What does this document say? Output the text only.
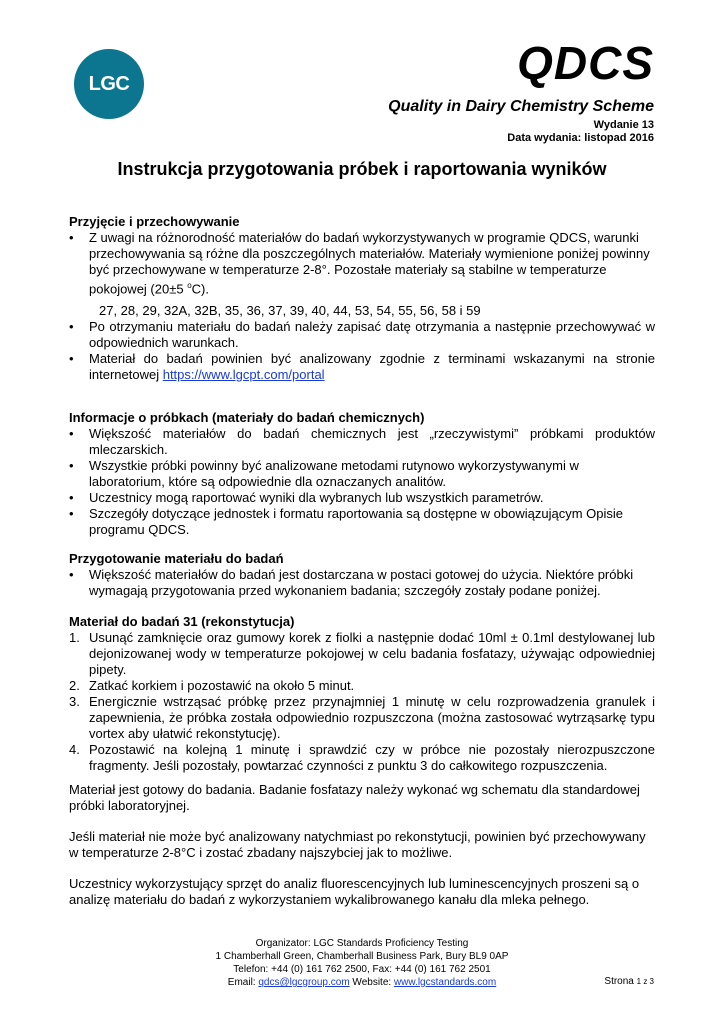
LGC	QDCS
Quality in Dairy Chemistry Scheme
Wydanie 13
Data wydania: listopad 2016
Instrukcja przygotowania próbek i raportowania wyników
Przyjęcie i przechowywanie
•	Z uwagi na różnorodność materiałów do badań wykorzystywanych w programie QDCS, warunki przechowywania są różne dla poszczególnych materiałów. Materiały wymienione poniżej powinny być przechowywane w temperaturze 2-8°. Pozostałe materiały są stabilne w temperaturze pokojowej (20±5 $^o$C).
27, 28, 29, 32A, 32B, 35, 36, 37, 39, 40, 44, 53, 54, 55, 56, 58 i 59
•	Po otrzymaniu materiału do badań należy zapisać datę otrzymania a następnie przechowywać w odpowiednich warunkach.
•	Materiał do badań powinien być analizowany zgodnie z terminami wskazanymi na stronie internetowej https://www.lgcpt.com/portal
Informacje o próbkach (materiały do badań chemicznych)
•	Większość materiałów do badań chemicznych jest „rzeczywistymi” próbkami produktów mleczarskich.
•	Wszystkie próbki powinny być analizowane metodami rutynowo wykorzystywanymi w laboratorium, które są odpowiednie dla oznaczanych analitów.
•	Uczestnicy mogą raportować wyniki dla wybranych lub wszystkich parametrów.
•	Szczegóły dotyczące jednostek i formatu raportowania są dostępne w obowiązującym Opisie programu QDCS.
Przygotowanie materiału do badań
•	Większość materiałów do badań jest dostarczana w postaci gotowej do użycia. Niektóre próbki wymagają przygotowania przed wykonaniem badania; szczegóły zostały podane poniżej.
Materiał do badań 31 (rekonstytucja)
1. Usunąć zamknięcie oraz gumowy korek z fiolki a następnie dodać 10ml ± 0.1ml destylowanej lub dejonizowanej wody w temperaturze pokojowej w celu badania fosfatazy, używając odpowiedniej pipety.
2. Zatkać korkiem i pozostawić na około 5 minut.
3. Energicznie wstrząsać próbkę przez przynajmniej 1 minutę w celu rozprowadzenia granulek i zapewnienia, że próbka została odpowiednio rozpuszczona (można zastosować wytrząsarkę typu vortex aby ułatwić rekonstytucję).
4. Pozostawić na kolejną 1 minutę i sprawdzić czy w próbce nie pozostały nierozpuszczone fragmenty. Jeśli pozostały, powtarzać czynności z punktu 3 do całkowitego rozpuszczenia.
Materiał jest gotowy do badania. Badanie fosfatazy należy wykonać wg schematu dla standardowej próbki laboratoryjnej.
Jeśli materiał nie może być analizowany natychmiast po rekonstytucji, powinien być przechowywany w temperaturze 2-8°C i zostać zbadany najszybciej jak to możliwe.
Uczestnicy wykorzystujący sprzęt do analiz fluorescencyjnych lub luminescencyjnych proszeni są o analizę materiału do badań z wykorzystaniem wykalibrowanego kanału dla mleka pełnego.
Organizator: LGC Standards Proficiency Testing
1 Chamberhall Green, Chamberhall Business Park, Bury BL9 0AP
Telefon: +44 (0) 161 762 2500, Fax: +44 (0) 161 762 2501
Email: qdcs@lgcgroup.com Website: www.lgcstandards.com	Strona 1 z 3
